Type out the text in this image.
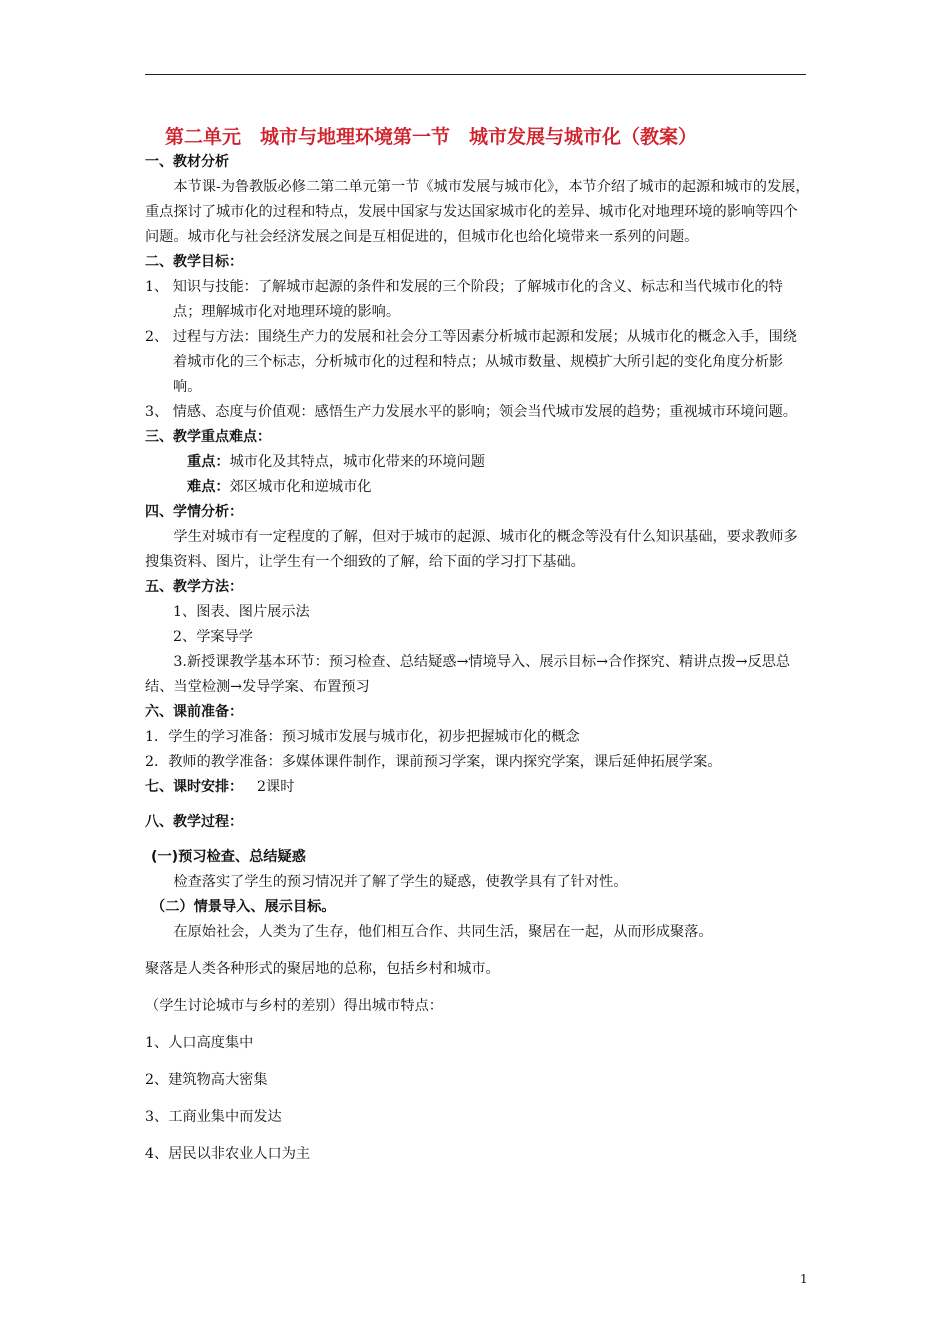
第二单元　城市与地理环境第一节　城市发展与城市化（教案）
一、教材分析
本节课-为鲁教版必修二第二单元第一节《城市发展与城市化》，本节介绍了城市的起源和城市的发展，重点探讨了城市化的过程和特点，发展中国家与发达国家城市化的差异、城市化对地理环境的影响等四个问题。城市化与社会经济发展之间是互相促进的，但城市化也给化境带来一系列的问题。
二、教学目标：
1、 知识与技能：了解城市起源的条件和发展的三个阶段；了解城市化的含义、标志和当代城市化的特点；理解城市化对地理环境的影响。
2、 过程与方法：围绕生产力的发展和社会分工等因素分析城市起源和发展；从城市化的概念入手，围绕着城市化的三个标志，分析城市化的过程和特点；从城市数量、规模扩大所引起的变化角度分析影响。
3、 情感、态度与价值观：感悟生产力发展水平的影响；领会当代城市发展的趋势；重视城市环境问题。
三、教学重点难点：
重点：城市化及其特点，城市化带来的环境问题
难点：郊区城市化和逆城市化
四、学情分析：
学生对城市有一定程度的了解，但对于城市的起源、城市化的概念等没有什么知识基础，要求教师多搜集资料、图片，让学生有一个细致的了解，给下面的学习打下基础。
五、教学方法：
1、图表、图片展示法
2、学案导学
3.新授课教学基本环节：预习检查、总结疑惑→情境导入、展示目标→合作探究、精讲点拨→反思总结、当堂检测→发导学案、布置预习
六、课前准备：
1．学生的学习准备：预习城市发展与城市化，初步把握城市化的概念
2．教师的教学准备：多媒体课件制作，课前预习学案，课内探究学案，课后延伸拓展学案。
七、课时安排： 2课时
八、教学过程：
(一)预习检查、总结疑惑
检查落实了学生的预习情况并了解了学生的疑惑，使教学具有了针对性。
（二）情景导入、展示目标。
在原始社会，人类为了生存，他们相互合作、共同生活，聚居在一起，从而形成聚落。
聚落是人类各种形式的聚居地的总称，包括乡村和城市。
（学生讨论城市与乡村的差别）得出城市特点：
1、人口高度集中
2、建筑物高大密集
3、工商业集中而发达
4、居民以非农业人口为主
1
